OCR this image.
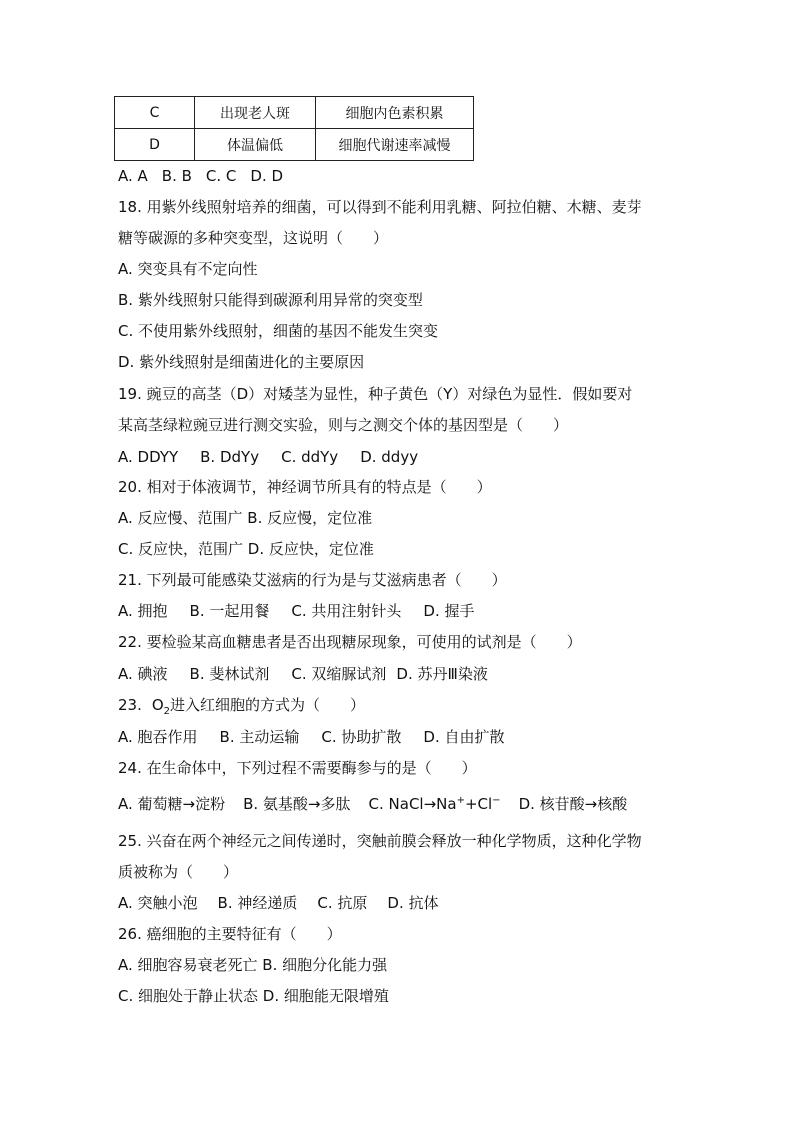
C	出现老人斑	细胞内色素积累
D	体温偏低	细胞代谢速率减慢
A. A B. B C. C D. D
18. 用紫外线照射培养的细菌，可以得到不能利用乳糖、阿拉伯糖、木糖、麦芽
糖等碳源的多种突变型，这说明（　　）
A. 突变具有不定向性
B. 紫外线照射只能得到碳源利用异常的突变型
C. 不使用紫外线照射，细菌的基因不能发生突变
D. 紫外线照射是细菌进化的主要原因
19. 豌豆的高茎（D）对矮茎为显性，种子黄色（Y）对绿色为显性．假如要对
某高茎绿粒豌豆进行测交实验，则与之测交个体的基因型是（　　）
A. DDYY B. DdYy C. ddYy D. ddyy
20. 相对于体液调节，神经调节所具有的特点是（　　）
A. 反应慢、范围广 B. 反应慢，定位准
C. 反应快，范围广 D. 反应快，定位准
21. 下列最可能感染艾滋病的行为是与艾滋病患者（　　）
A. 拥抱 B. 一起用餐 C. 共用注射针头 D. 握手
22. 要检验某高血糖患者是否出现糖尿现象，可使用的试剂是（　　）
A. 碘液 B. 斐林试剂 C. 双缩脲试剂 D. 苏丹Ⅲ染液
23. $O_2$进入红细胞的方式为（　　）
A. 胞吞作用 B. 主动运输 C. 协助扩散 D. 自由扩散
24. 在生命体中，下列过程不需要酶参与的是（　　）
A. 葡萄糖→淀粉 B. 氨基酸→多肽 C. NaCl→Na++Cl− D. 核苷酸→核酸
25. 兴奋在两个神经元之间传递时，突触前膜会释放一种化学物质，这种化学物
质被称为（　　）
A. 突触小泡 B. 神经递质 C. 抗原 D. 抗体
26. 癌细胞的主要特征有（　　）
A. 细胞容易衰老死亡 B. 细胞分化能力强
C. 细胞处于静止状态 D. 细胞能无限增殖
